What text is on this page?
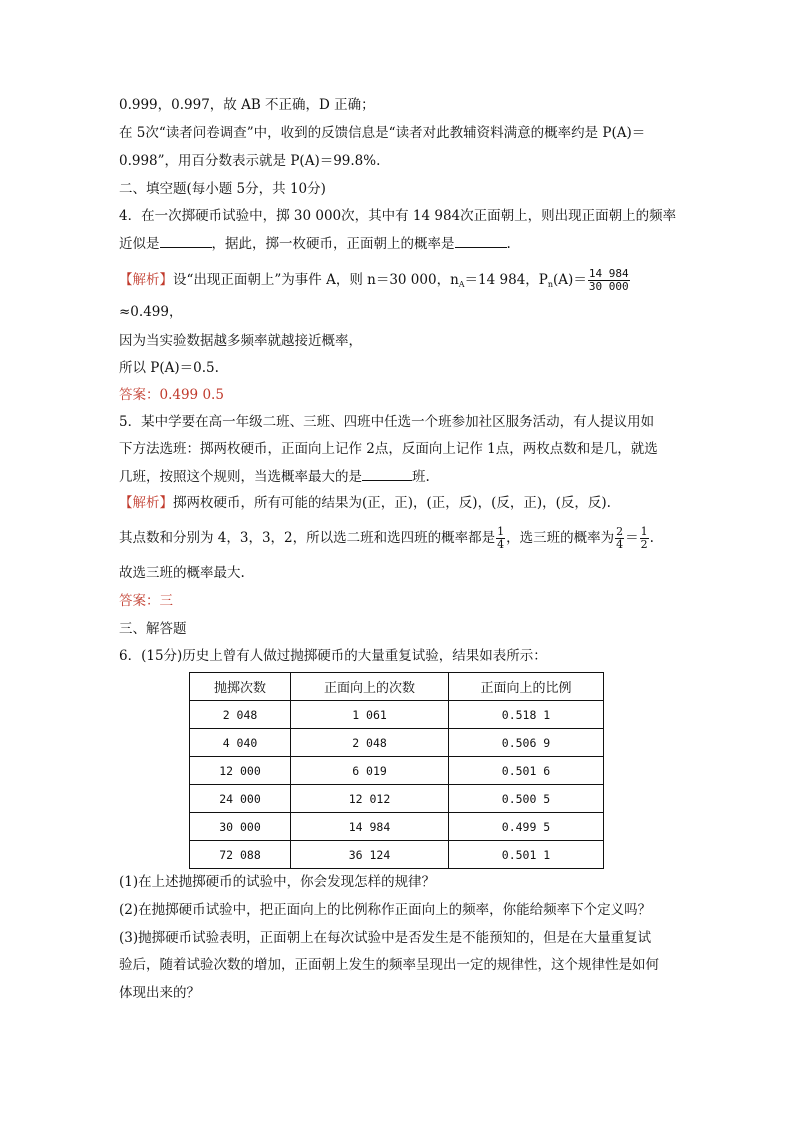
0.999，0.997，故 AB 不正确，D 正确；
在 5次“读者问卷调查”中，收到的反馈信息是“读者对此教辅资料满意的概率约是 P(A)＝
0.998”，用百分数表示就是 P(A)＝99.8%.
二、填空题(每小题 5分，共 10分)
4．在一次掷硬币试验中，掷 30 000次，其中有 14 984次正面朝上，则出现正面朝上的频率
近似是	，据此，掷一枚硬币，正面朝上的概率是	.
【解析】设“出现正面朝上”为事件 A，则 n＝30 000，$n_A=14$ 984，$P_n(A)= \frac{14 984}{30 000}$
≈0.499，
因为当实验数据越多频率就越接近概率，
所以 P(A)＝0.5.
答案：0.499 0.5
5．某中学要在高一年级二班、三班、四班中任选一个班参加社区服务活动，有人提议用如
下方法选班：掷两枚硬币，正面向上记作 2点，反面向上记作 1点，两枚点数和是几，就选
几班，按照这个规则，当选概率最大的是	班.
【解析】掷两枚硬币，所有可能的结果为(正，正)，(正，反)，(反，正)，(反，反).
其点数和分别为 4，3，3，2，所以选二班和选四班的概率都是 $\frac{1}{4}$ ，选三班的概率为 $\frac{2}{4} = \frac{1}{2}$ .
故选三班的概率最大.
答案：三
三、解答题
6．(15分)历史上曾有人做过抛掷硬币的大量重复试验，结果如表所示：
抛掷次数	正面向上的次数	正面向上的比例
2 048	1 061	0.518 1
4 040	2 048	0.506 9
12 000	6 019	0.501 6
24 000	12 012	0.500 5
30 000	14 984	0.499 5
72 088	36 124	0.501 1
(1)在上述抛掷硬币的试验中，你会发现怎样的规律？
(2)在抛掷硬币试验中，把正面向上的比例称作正面向上的频率，你能给频率下个定义吗？
(3)抛掷硬币试验表明，正面朝上在每次试验中是否发生是不能预知的，但是在大量重复试
验后，随着试验次数的增加，正面朝上发生的频率呈现出一定的规律性，这个规律性是如何
体现出来的？
